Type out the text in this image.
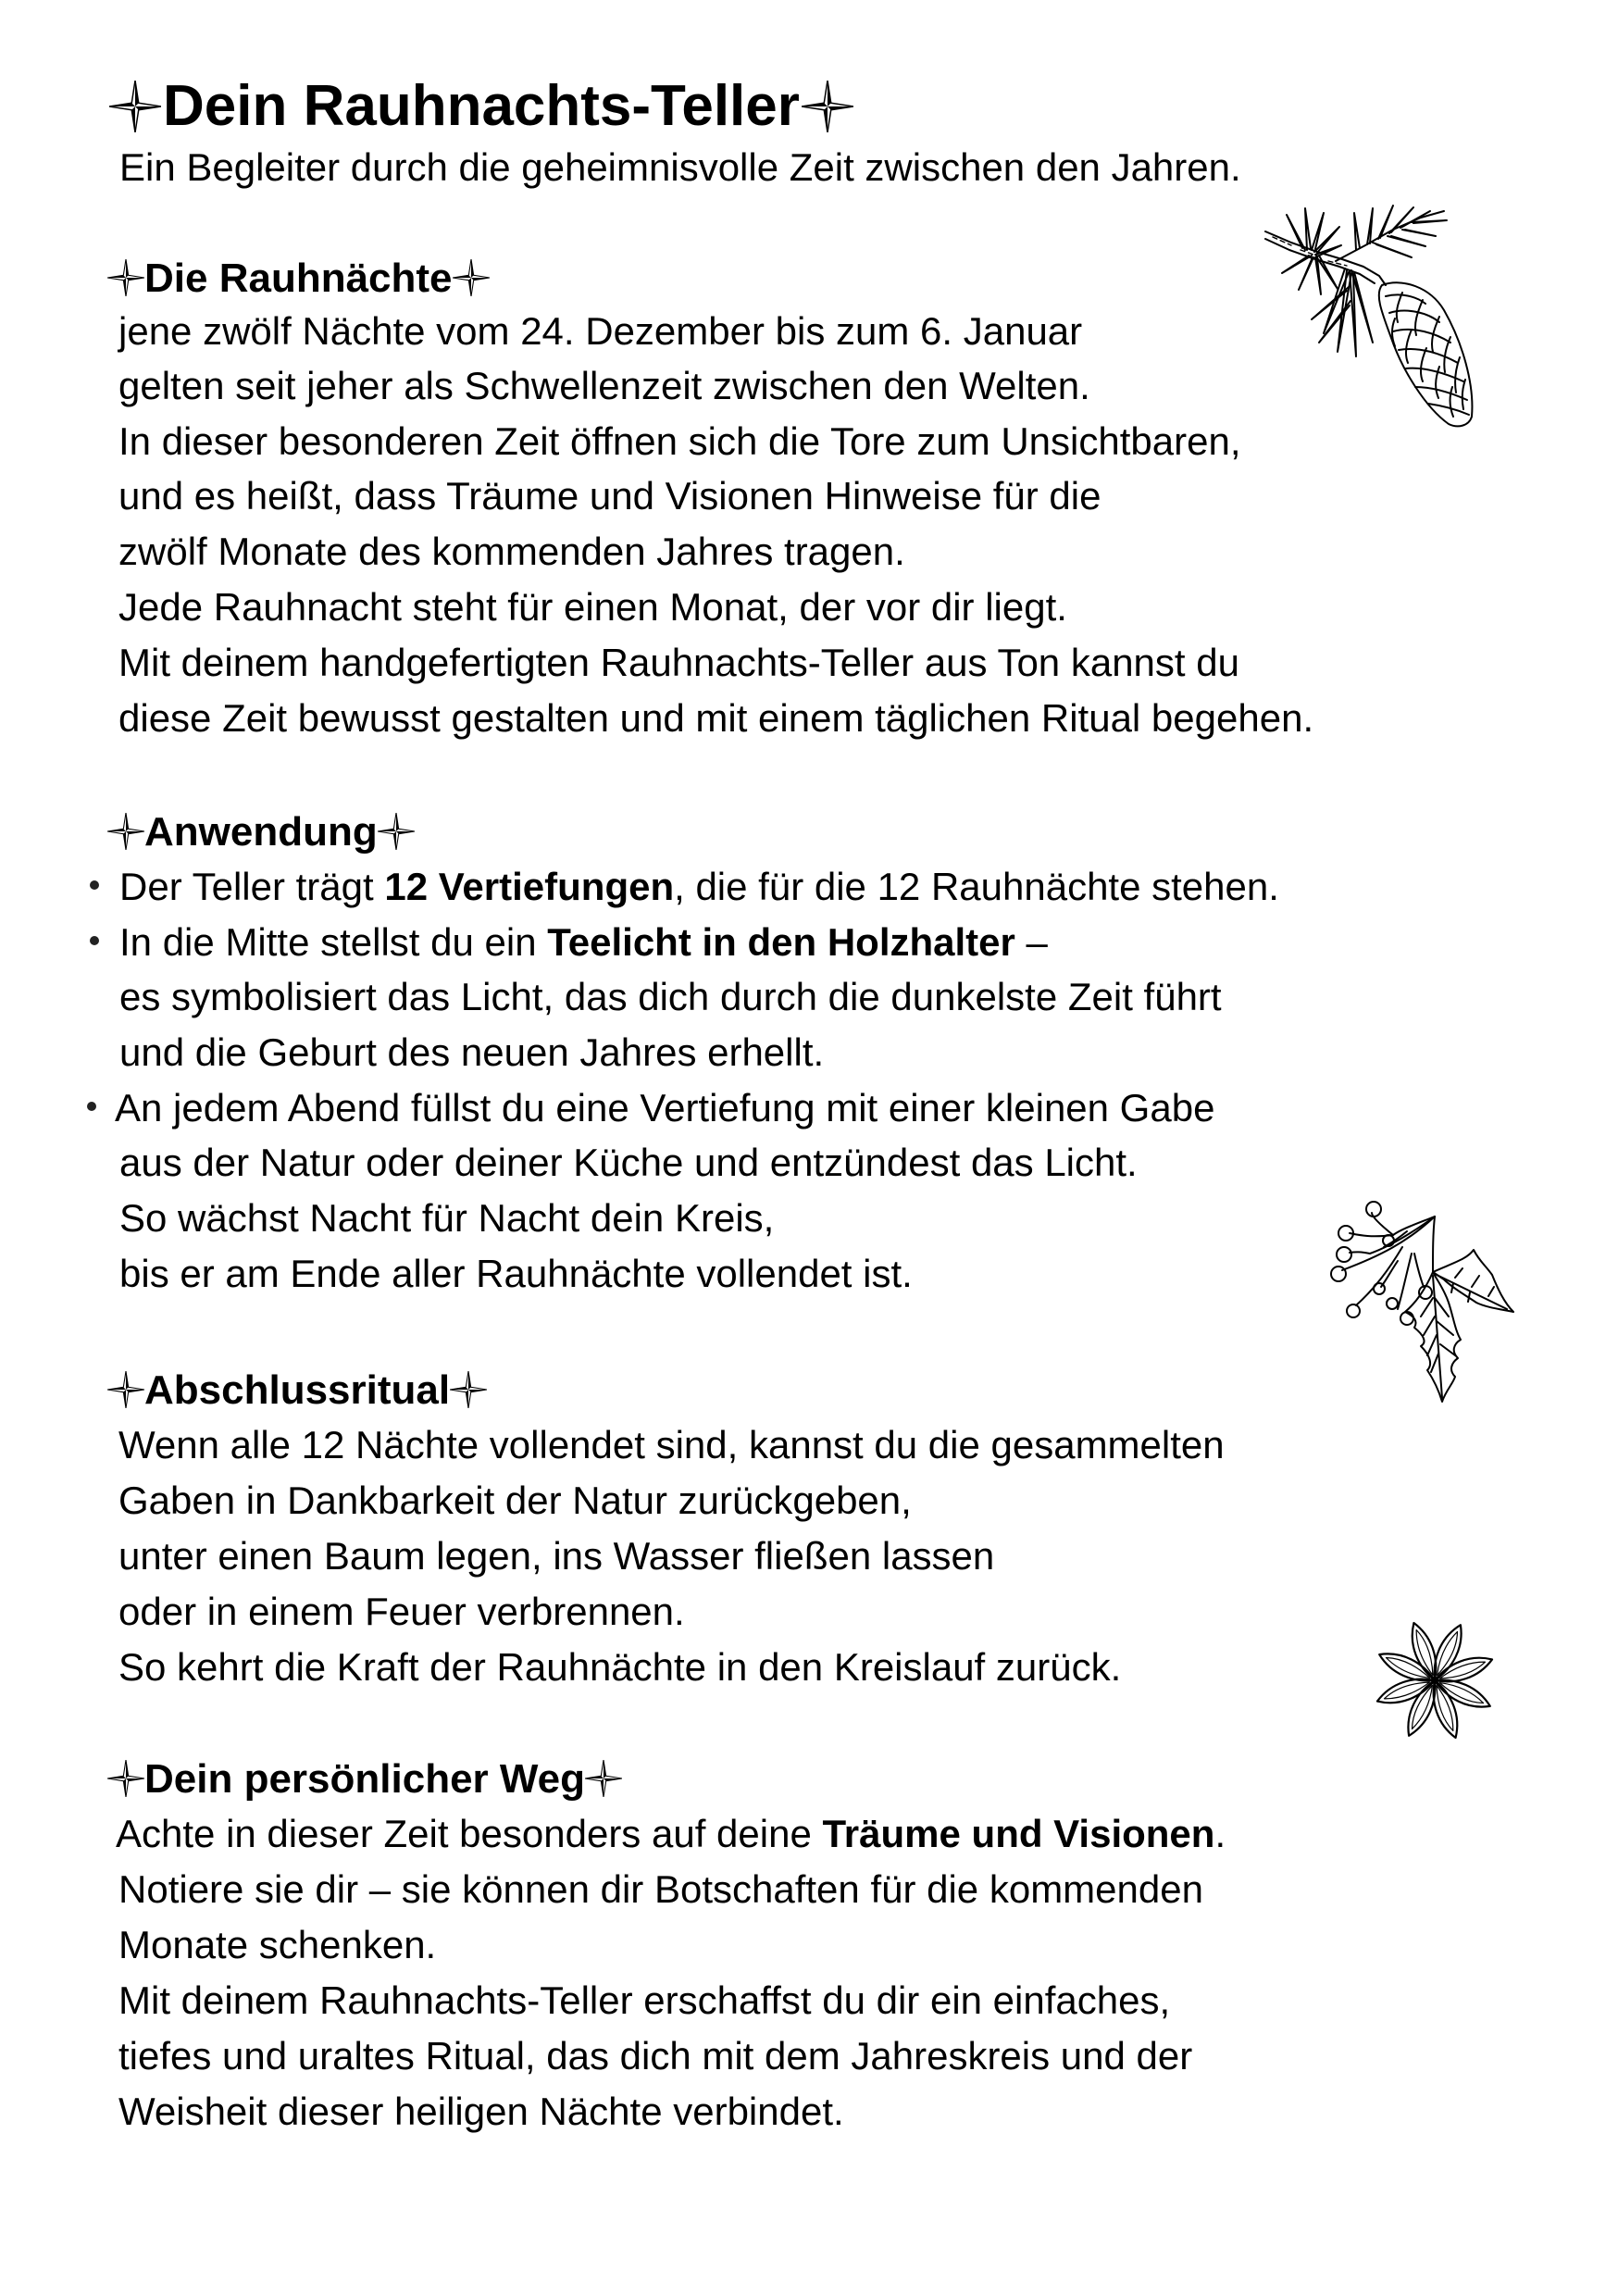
Dein Rauhnachts-Teller
Ein Begleiter durch die geheimnisvolle Zeit zwischen den Jahren.
Die Rauhnächte
jene zwölf Nächte vom 24. Dezember bis zum 6. Januar
gelten seit jeher als Schwellenzeit zwischen den Welten.
In dieser besonderen Zeit öffnen sich die Tore zum Unsichtbaren,
und es heißt, dass Träume und Visionen Hinweise für die
zwölf Monate des kommenden Jahres tragen.
Jede Rauhnacht steht für einen Monat, der vor dir liegt.
Mit deinem handgefertigten Rauhnachts-Teller aus Ton kannst du
diese Zeit bewusst gestalten und mit einem täglichen Ritual begehen.
Anwendung
Der Teller trägt 12 Vertiefungen, die für die 12 Rauhnächte stehen.
In die Mitte stellst du ein Teelicht in den Holzhalter –
es symbolisiert das Licht, das dich durch die dunkelste Zeit führt
und die Geburt des neuen Jahres erhellt.
An jedem Abend füllst du eine Vertiefung mit einer kleinen Gabe
aus der Natur oder deiner Küche und entzündest das Licht.
So wächst Nacht für Nacht dein Kreis,
bis er am Ende aller Rauhnächte vollendet ist.
Abschlussritual
Wenn alle 12 Nächte vollendet sind, kannst du die gesammelten
Gaben in Dankbarkeit der Natur zurückgeben,
unter einen Baum legen, ins Wasser fließen lassen
oder in einem Feuer verbrennen.
So kehrt die Kraft der Rauhnächte in den Kreislauf zurück.
Dein persönlicher Weg
Achte in dieser Zeit besonders auf deine Träume und Visionen.
Notiere sie dir – sie können dir Botschaften für die kommenden
Monate schenken.
Mit deinem Rauhnachts-Teller erschaffst du dir ein einfaches,
tiefes und uraltes Ritual, das dich mit dem Jahreskreis und der
Weisheit dieser heiligen Nächte verbindet.
